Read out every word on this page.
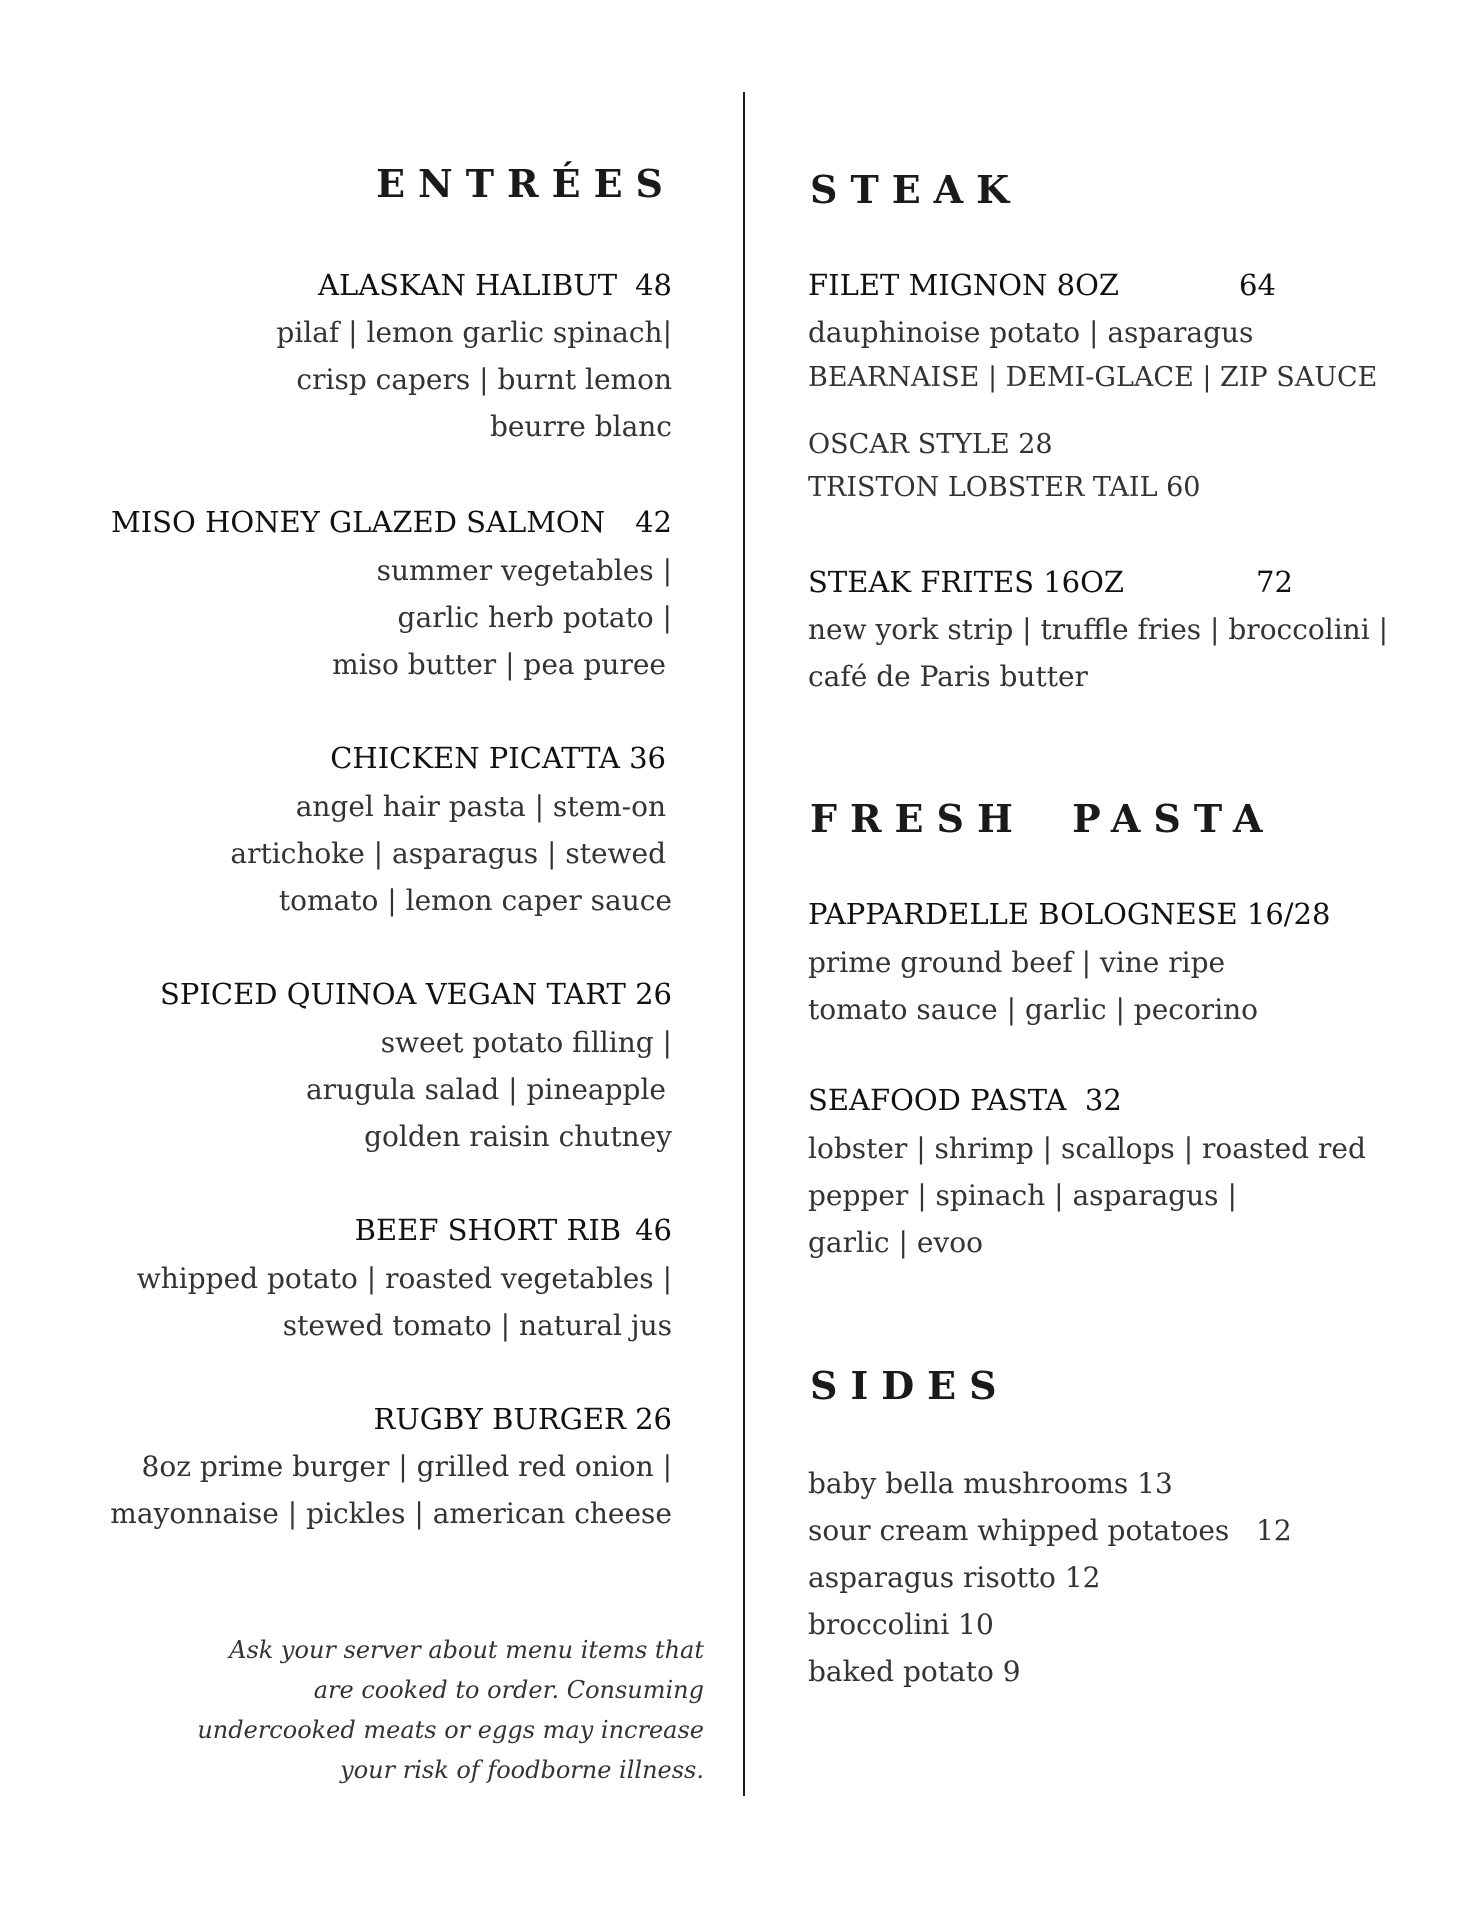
ENTRÉES
ALASKAN HALIBUT 48
pilaf | lemon garlic spinach|
crisp capers | burnt lemon
beurre blanc
MISO HONEY GLAZED SALMON 42
summer vegetables |
garlic herb potato |
miso butter | pea puree
CHICKEN PICATTA 36
angel hair pasta | stem-on
artichoke | asparagus | stewed
tomato | lemon caper sauce
SPICED QUINOA VEGAN TART 26
sweet potato filling |
arugula salad | pineapple
golden raisin chutney
BEEF SHORT RIB 46
whipped potato | roasted vegetables |
stewed tomato | natural jus
RUGBY BURGER 26
8oz prime burger | grilled red onion |
mayonnaise | pickles | american cheese
Ask your server about menu items that
are cooked to order. Consuming
undercooked meats or eggs may increase
your risk of foodborne illness.
STEAK
FILET MIGNON 8OZ	64
dauphinoise potato | asparagus
BEARNAISE | DEMI-GLACE | ZIP SAUCE
OSCAR STYLE 28
TRISTON LOBSTER TAIL 60
STEAK FRITES 16OZ	72
new york strip | truffle fries | broccolini |
café de Paris butter
FRESH PASTA
PAPPARDELLE BOLOGNESE 16/28
prime ground beef | vine ripe
tomato sauce | garlic | pecorino
SEAFOOD PASTA  32
lobster | shrimp | scallops | roasted red
pepper | spinach | asparagus |
garlic | evoo
SIDES
baby bella mushrooms 13
sour cream whipped potatoes   12
asparagus risotto 12
broccolini 10
baked potato 9
